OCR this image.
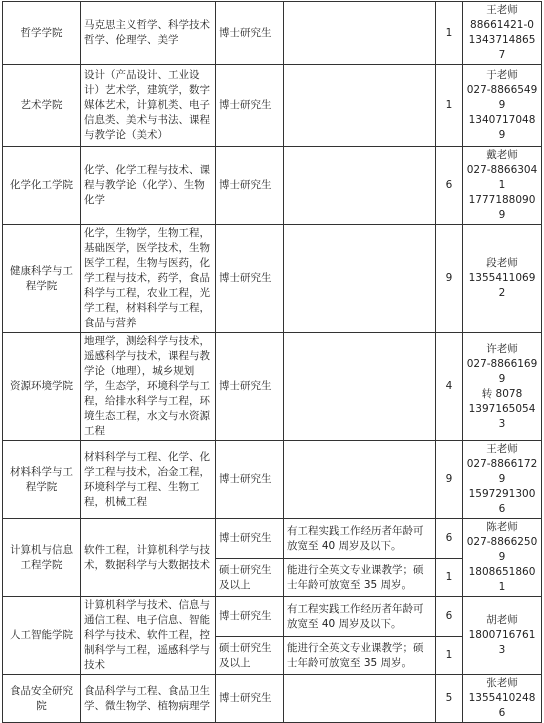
哲学学院	马克思主义哲学、科学技术哲学、伦理学、美学	博士研究生		1	王老师
88661421-0
13437148657

艺术学院	设计（产品设计、工业设计）艺术学，建筑学，数字媒体艺术，计算机类、电子信息类、美术与书法、课程与教学论（美术）	博士研究生		1	于老师
027-88665499
13407170489

化学化工学院	化学、化学工程与技术、课程与教学论（化学）、生物化学	博士研究生		6	戴老师
027-88663041
17771880909

健康科学与工程学院	化学，生物学，生物工程，基础医学，医学技术，生物医学工程，生物与医药，化学工程与技术，药学，食品科学与工程，农业工程，光学工程，材料科学与工程，食品与营养	博士研究生		9	段老师
13554110692

资源环境学院	地理学，测绘科学与技术，遥感科学与技术，课程与教学论（地理），城乡规划学，生态学，环境科学与工程，给排水科学与工程，环境生态工程，水文与水资源工程	博士研究生		4	许老师
027-88661699
转 8078
13971650543

材料科学与工程学院	材料科学与工程、化学、化学工程与技术，冶金工程，环境科学与工程、生物工程，机械工程	博士研究生		9	王老师
027-88661729
15972913006

计算机与信息工程学院	软件工程，计算机科学与技术，数据科学与大数据技术	博士研究生	有工程实践工作经历者年龄可放宽至 40 周岁及以下。	6	陈老师
027-88662509
18086518601

		硕士研究生及以上	能进行全英文专业课教学；硕士年龄可放宽至 35 周岁。	1	
人工智能学院	计算机科学与技术、信息与通信工程、电子信息、智能科学与技术、软件工程，控制科学与工程，遥感科学与技术	博士研究生	有工程实践工作经历者年龄可放宽至 40 周岁及以下。	6	胡老师
18007167613

		硕士研究生及以上	能进行全英文专业课教学；硕士年龄可放宽至 35 周岁。	1	
食品安全研究院	食品科学与工程、食品卫生学、微生物学、植物病理学	博士研究生		5	张老师
13554102486
